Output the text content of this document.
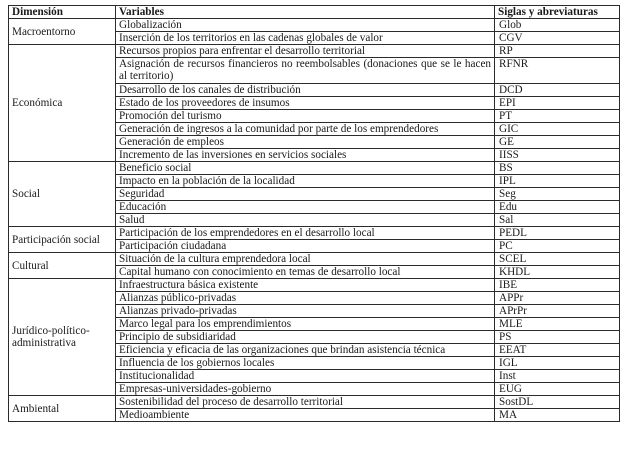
Dimensión	Variables	Siglas y abreviaturas
Macroentorno	Globalización	Glob
	Inserción de los territorios en las cadenas globales de valor	CGV
Económica	Recursos propios para enfrentar el desarrollo territorial	RP
	Asignación de recursos financieros no reembolsables (donaciones que se le hacen al territorio)	RFNR
	Desarrollo de los canales de distribución	DCD
	Estado de los proveedores de insumos	EPI
	Promoción del turismo	PT
	Generación de ingresos a la comunidad por parte de los emprendedores	GIC
	Generación de empleos	GE
	Incremento de las inversiones en servicios sociales	IISS
Social	Beneficio social	BS
	Impacto en la población de la localidad	IPL
	Seguridad	Seg
	Educación	Edu
	Salud	Sal
Participación social	Participación de los emprendedores en el desarrollo local	PEDL
	Participación ciudadana	PC
Cultural	Situación de la cultura emprendedora local	SCEL
	Capital humano con conocimiento en temas de desarrollo local	KHDL
Jurídico-político-administrativa	Infraestructura básica existente	IBE
	Alianzas público-privadas	APPr
	Alianzas privado-privadas	APrPr
	Marco legal para los emprendimientos	MLE
	Principio de subsidiaridad	PS
	Eficiencia y eficacia de las organizaciones que brindan asistencia técnica	EEAT
	Influencia de los gobiernos locales	IGL
	Institucionalidad	Inst
	Empresas-universidades-gobierno	EUG
Ambiental	Sostenibilidad del proceso de desarrollo territorial	SostDL
	Medioambiente	MA
